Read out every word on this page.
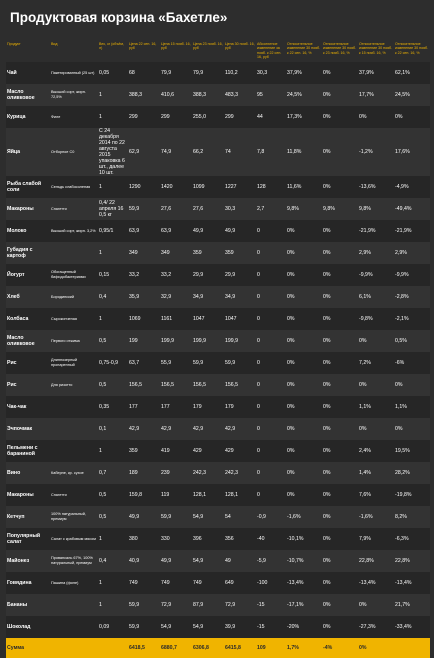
Продуктовая корзина «Бахетле»
Продукт	Вид	Вес, кг (объём, л)	Цена 22 сен. 16, руб	Цена 15 нояб. 16, руб	Цена 23 нояб. 16, руб	Цена 30 нояб. 16, руб	Абсолютное изменение за нояб. к 22 сен. 16, руб	Относительное изменение 30 нояб. к 22 сен. 16, %	Относительное изменение 30 нояб. к 23 нояб. 16, %	Относительное изменение 30 нояб. к 15 нояб. 16, %	Относительное изменение 30 нояб. к 22 сен. 16, %
Чай	Пакетированный (25 шт)	0,05	68	79,9	79,9	110,2	30,3	37,9%	0%	37,9%	62,1%
Масло оливковое	Высший сорт, жирн. 72,5%	1	388,3	410,6	388,3	483,3	95	24,5%	0%	17,7%	24,5%
Курица	Филе	1	299	299	255,0	299	44	17,3%	0%	0%	0%
Яйца	Отборное С0	С 24 декабря 2014 по 22 августа 2015 упаковка 6 шт., далее 10 шт.	62,9	74,9	66,2	74	7,8	11,8%	0%	-1,2%	17,6%
Рыба слабой соли	Сельдь слабосоленая	1	1290	1420	1099	1227	128	11,6%	0%	-13,6%	-4,9%
Макароны	Спагетти	0,4/ 22 апреля 16 0,5 кг	59,9	27,6	27,6	30,3	2,7	9,8%	9,8%	9,8%	-49,4%
Молоко	Высший сорт, жирн. 3,2%	0,95/1	63,9	63,9	49,9	49,9	0	0%	0%	-21,9%	-21,9%
Губадия с картоф		1	349	349	359	359	0	0%	0%	2,9%	2,9%
Йогурт	Обогащенный бифидобактериями	0,15	33,2	33,2	29,9	29,9	0	0%	0%	-9,9%	-9,9%
Хлеб	Бородинский	0,4	35,9	32,9	34,9	34,9	0	0%	0%	6,1%	-2,8%
Колбаса	Сырокопченая	1	1069	1161	1047	1047	0	0%	0%	-9,8%	-2,1%
Масло оливковое	Первого отжима	0,5	199	199,9	199,9	199,9	0	0%	0%	0%	0,5%
Рис	Длиннозерный пропаренный	0,75-0,9	63,7	55,9	59,9	59,9	0	0%	0%	7,2%	-6%
Рис	Для ризотто	0,5	156,5	156,5	156,5	156,5	0	0%	0%	0%	0%
Чак-чак		0,35	177	177	179	179	0	0%	0%	1,1%	1,1%
Эчпочмак		0,1	42,9	42,9	42,9	42,9	0	0%	0%	0%	0%
Пельмени с бараниной		1	359	419	429	429	0	0%	0%	2,4%	19,5%
Вино	Каберне, кр. сухое	0,7	189	239	242,3	242,3	0	0%	0%	1,4%	28,2%
Макароны	Спагетти	0,5	159,8	119	128,1	128,1	0	0%	0%	7,6%	-19,8%
Кетчуп	100% натуральный, премиум	0,5	49,9	59,9	54,9	54	-0,9	-1,6%	0%	-1,6%	8,2%
Популярный салат	Салат с крабовым мясом	1	380	330	396	356	-40	-10,1%	0%	7,9%	-6,3%
Майонез	Провансаль 67%, 100% натуральный, премиум	0,4	40,9	49,9	54,9	49	-5,9	-10,7%	0%	22,8%	22,8%
Говядина	Пашина (филе)	1	749	749	749	649	-100	-13,4%	0%	-13,4%	-13,4%
Бананы		1	59,9	72,9	87,9	72,9	-15	-17,1%	0%	0%	21,7%
Шоколад		0,09	59,9	54,9	54,9	39,9	-15	-20%	0%	-27,3%	-33,4%
Сумма			6418,5	6880,7	6306,8	6415,8	109	1,7%	-4%	0%	
